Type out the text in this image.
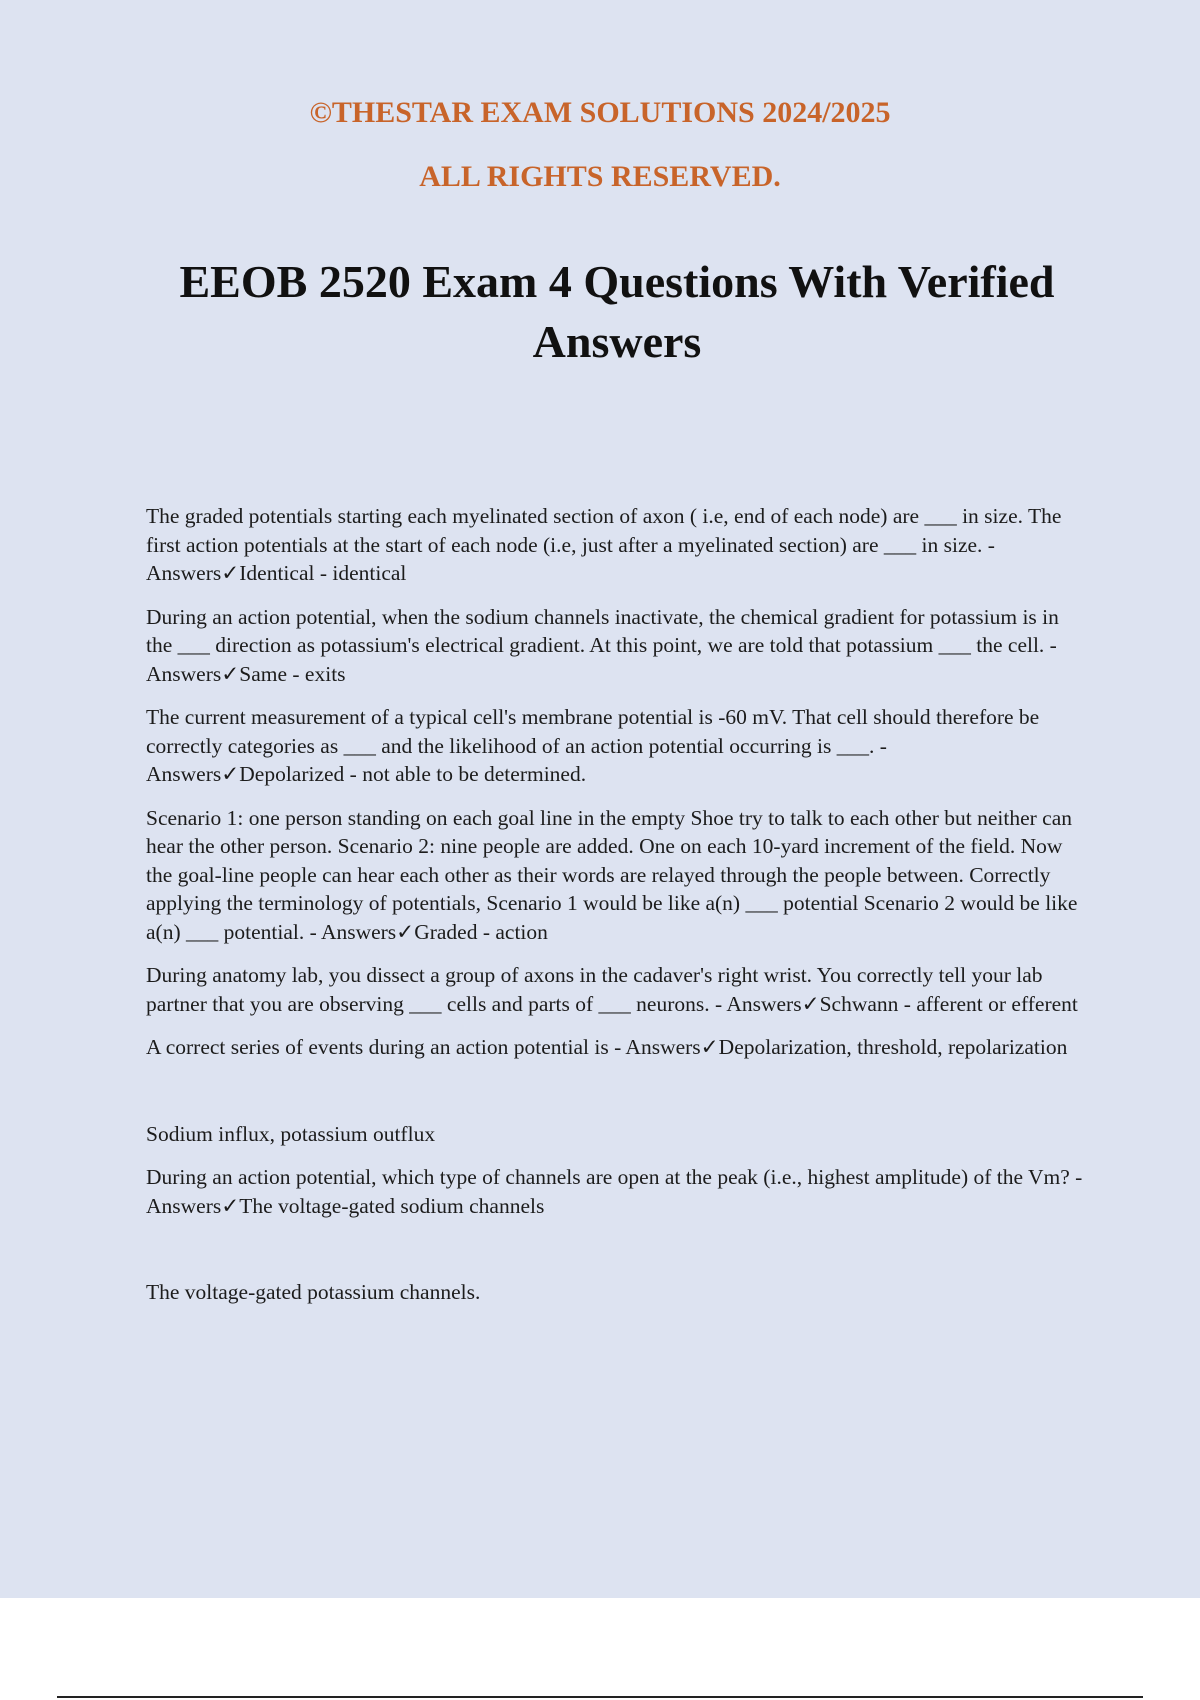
©THESTAR EXAM SOLUTIONS 2024/2025
ALL RIGHTS RESERVED.
EEOB 2520 Exam 4 Questions With Verified Answers

The graded potentials starting each myelinated section of axon ( i.e, end of each node) are ___ in size. The first action potentials at the start of each node (i.e, just after a myelinated section) are ___ in size. - Answers✓Identical - identical

During an action potential, when the sodium channels inactivate, the chemical gradient for potassium is in the ___ direction as potassium's electrical gradient. At this point, we are told that potassium ___ the cell. - Answers✓Same - exits

The current measurement of a typical cell's membrane potential is -60 mV. That cell should therefore be correctly categories as ___ and the likelihood of an action potential occurring is ___. - Answers✓Depolarized - not able to be determined.

Scenario 1: one person standing on each goal line in the empty Shoe try to talk to each other but neither can hear the other person. Scenario 2: nine people are added. One on each 10-yard increment of the field. Now the goal-line people can hear each other as their words are relayed through the people between. Correctly applying the terminology of potentials, Scenario 1 would be like a(n) ___ potential Scenario 2 would be like a(n) ___ potential. - Answers✓Graded - action

During anatomy lab, you dissect a group of axons in the cadaver's right wrist. You correctly tell your lab partner that you are observing ___ cells and parts of ___ neurons. - Answers✓Schwann - afferent or efferent

A correct series of events during an action potential is - Answers✓Depolarization, threshold, repolarization

Sodium influx, potassium outflux

During an action potential, which type of channels are open at the peak (i.e., highest amplitude) of the Vm? - Answers✓The voltage-gated sodium channels

The voltage-gated potassium channels.
